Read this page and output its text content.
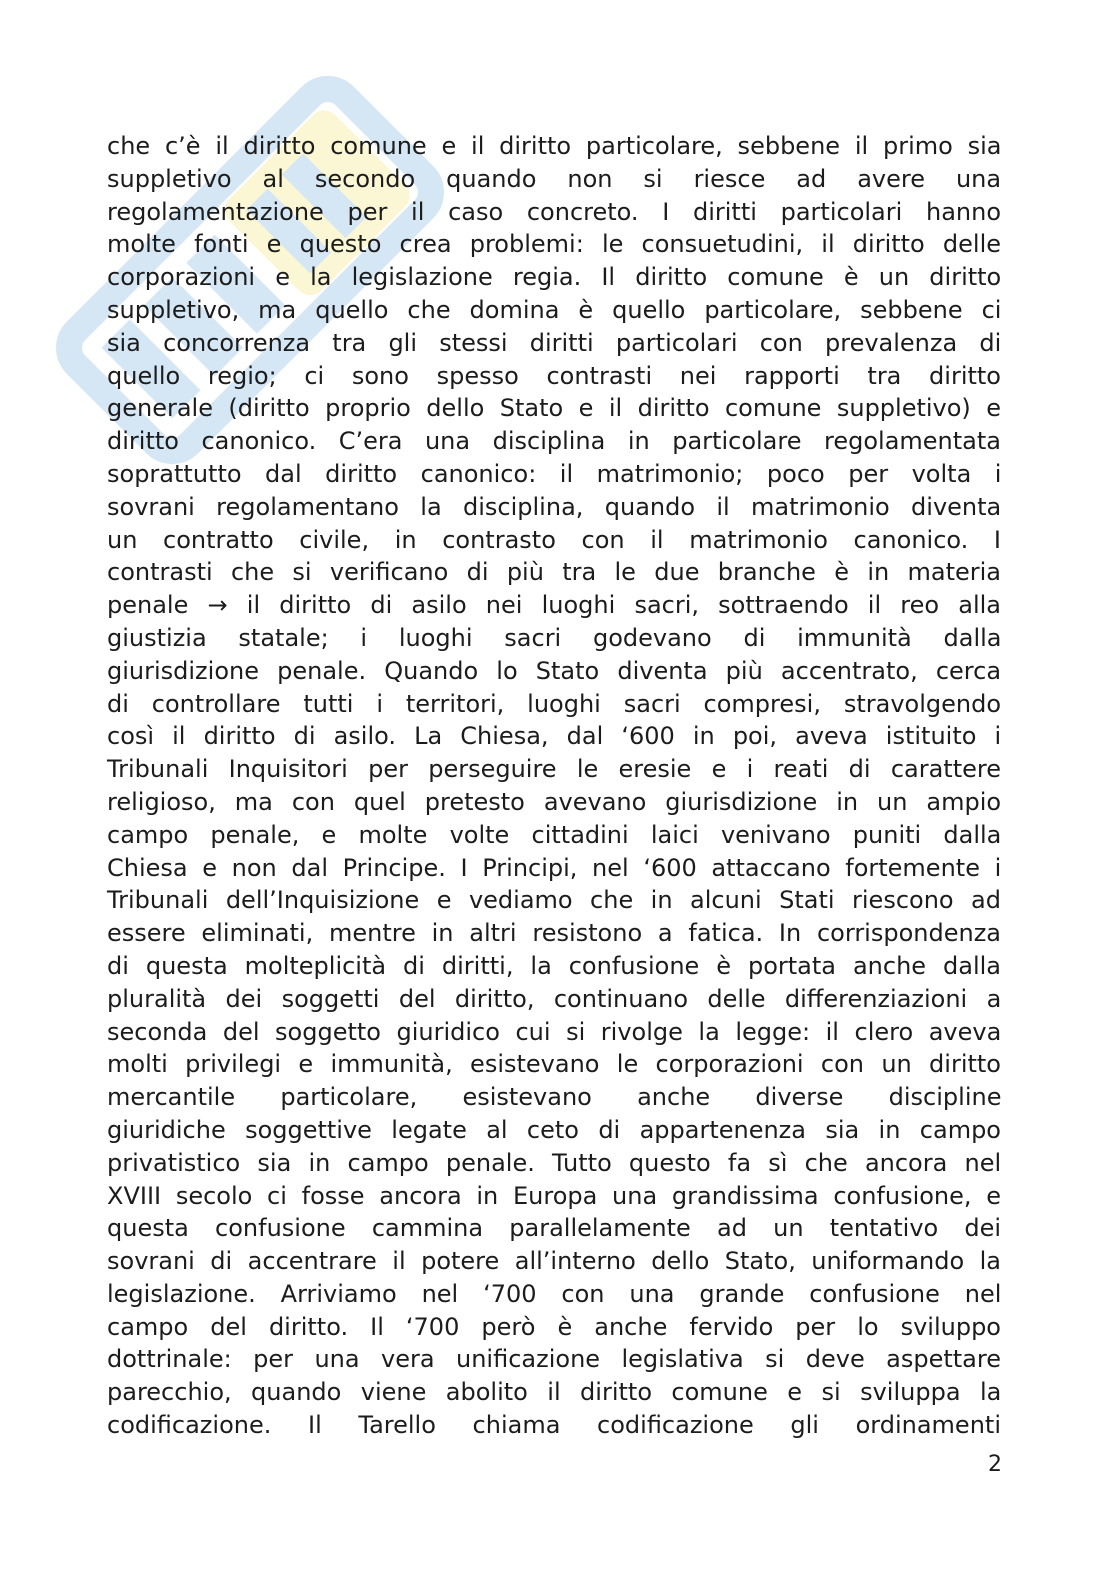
che c’è il diritto comune e il diritto particolare, sebbene il primo sia
suppletivo al secondo quando non si riesce ad avere una
regolamentazione per il caso concreto. I diritti particolari hanno
molte fonti e questo crea problemi: le consuetudini, il diritto delle
corporazioni e la legislazione regia. Il diritto comune è un diritto
suppletivo, ma quello che domina è quello particolare, sebbene ci
sia concorrenza tra gli stessi diritti particolari con prevalenza di
quello regio; ci sono spesso contrasti nei rapporti tra diritto
generale (diritto proprio dello Stato e il diritto comune suppletivo) e
diritto canonico. C’era una disciplina in particolare regolamentata
soprattutto dal diritto canonico: il matrimonio; poco per volta i
sovrani regolamentano la disciplina, quando il matrimonio diventa
un contratto civile, in contrasto con il matrimonio canonico. I
contrasti che si verificano di più tra le due branche è in materia
penale → il diritto di asilo nei luoghi sacri, sottraendo il reo alla
giustizia statale; i luoghi sacri godevano di immunità dalla
giurisdizione penale. Quando lo Stato diventa più accentrato, cerca
di controllare tutti i territori, luoghi sacri compresi, stravolgendo
così il diritto di asilo. La Chiesa, dal ‘600 in poi, aveva istituito i
Tribunali Inquisitori per perseguire le eresie e i reati di carattere
religioso, ma con quel pretesto avevano giurisdizione in un ampio
campo penale, e molte volte cittadini laici venivano puniti dalla
Chiesa e non dal Principe. I Principi, nel ‘600 attaccano fortemente i
Tribunali dell’Inquisizione e vediamo che in alcuni Stati riescono ad
essere eliminati, mentre in altri resistono a fatica. In corrispondenza
di questa molteplicità di diritti, la confusione è portata anche dalla
pluralità dei soggetti del diritto, continuano delle differenziazioni a
seconda del soggetto giuridico cui si rivolge la legge: il clero aveva
molti privilegi e immunità, esistevano le corporazioni con un diritto
mercantile particolare, esistevano anche diverse discipline
giuridiche soggettive legate al ceto di appartenenza sia in campo
privatistico sia in campo penale. Tutto questo fa sì che ancora nel
XVIII secolo ci fosse ancora in Europa una grandissima confusione, e
questa confusione cammina parallelamente ad un tentativo dei
sovrani di accentrare il potere all’interno dello Stato, uniformando la
legislazione. Arriviamo nel ‘700 con una grande confusione nel
campo del diritto. Il ‘700 però è anche fervido per lo sviluppo
dottrinale: per una vera unificazione legislativa si deve aspettare
parecchio, quando viene abolito il diritto comune e si sviluppa la
codificazione. Il Tarello chiama codificazione gli ordinamenti
2
